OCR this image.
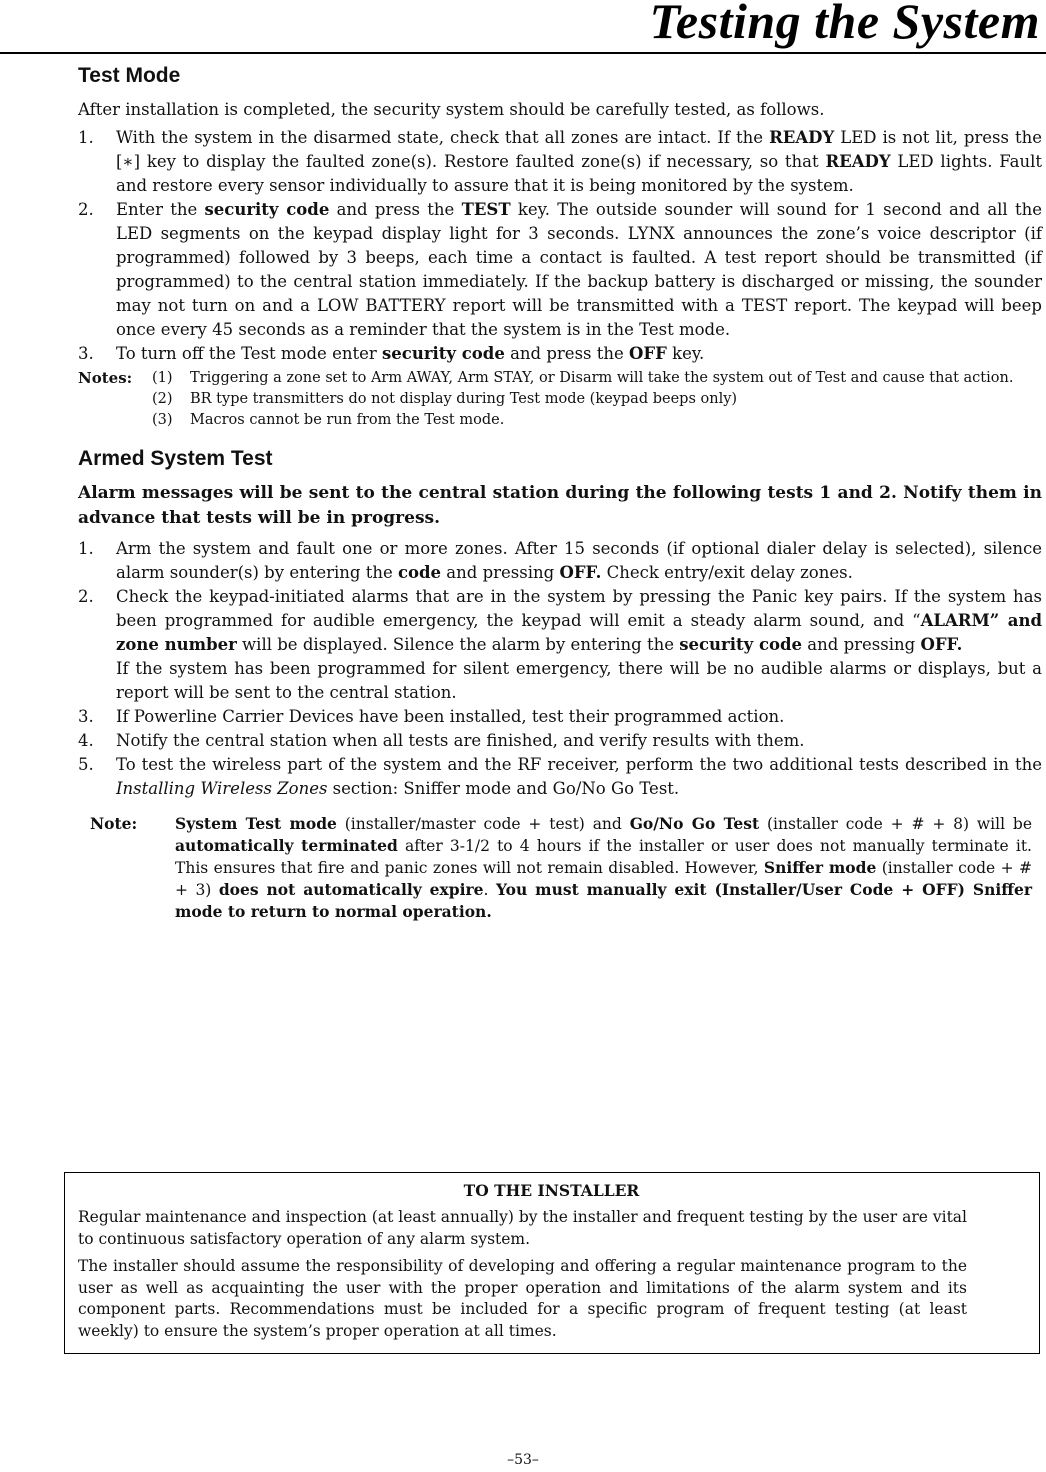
Testing the System
Test Mode

After installation is completed, the security system should be carefully tested, as follows.

1. With the system in the disarmed state, check that all zones are intact. If the READY LED is not lit, press the [∗] key to display the faulted zone(s). Restore faulted zone(s) if necessary, so that READY LED lights. Fault and restore every sensor individually to assure that it is being monitored by the system.
2. Enter the security code and press the TEST key. The outside sounder will sound for 1 second and all the LED segments on the keypad display light for 3 seconds. LYNX announces the zone’s voice descriptor (if programmed) followed by 3 beeps, each time a contact is faulted. A test report should be transmitted (if programmed) to the central station immediately. If the backup battery is discharged or missing, the sounder may not turn on and a LOW BATTERY report will be transmitted with a TEST report. The keypad will beep once every 45 seconds as a reminder that the system is in the Test mode.
3. To turn off the Test mode enter security code and press the OFF key.
Notes: (1) Triggering a zone set to Arm AWAY, Arm STAY, or Disarm will take the system out of Test and cause that action.
(2) BR type transmitters do not display during Test mode (keypad beeps only)
(3) Macros cannot be run from the Test mode.
Armed System Test

Alarm messages will be sent to the central station during the following tests 1 and 2. Notify them in advance that tests will be in progress.

1. Arm the system and fault one or more zones. After 15 seconds (if optional dialer delay is selected), silence alarm sounder(s) by entering the code and pressing OFF. Check entry/exit delay zones.
2. Check the keypad-initiated alarms that are in the system by pressing the Panic key pairs. If the system has been programmed for audible emergency, the keypad will emit a steady alarm sound, and “ALARM” and zone number will be displayed. Silence the alarm by entering the security code and pressing OFF.
If the system has been programmed for silent emergency, there will be no audible alarms or displays, but a report will be sent to the central station.
3. If Powerline Carrier Devices have been installed, test their programmed action.
4. Notify the central station when all tests are finished, and verify results with them.
5. To test the wireless part of the system and the RF receiver, perform the two additional tests described in the Installing Wireless Zones section: Sniffer mode and Go/No Go Test.
Note: System Test mode (installer/master code + test) and Go/No Go Test (installer code + # + 8) will be automatically terminated after 3-1/2 to 4 hours if the installer or user does not manually terminate it. This ensures that fire and panic zones will not remain disabled. However, Sniffer mode (installer code + # + 3) does not automatically expire. You must manually exit (Installer/User Code + OFF) Sniffer mode to return to normal operation.
TO THE INSTALLER

Regular maintenance and inspection (at least annually) by the installer and frequent testing by the user are vital to continuous satisfactory operation of any alarm system.

The installer should assume the responsibility of developing and offering a regular maintenance program to the user as well as acquainting the user with the proper operation and limitations of the alarm system and its component parts. Recommendations must be included for a specific program of frequent testing (at least weekly) to ensure the system’s proper operation at all times.

–53–
